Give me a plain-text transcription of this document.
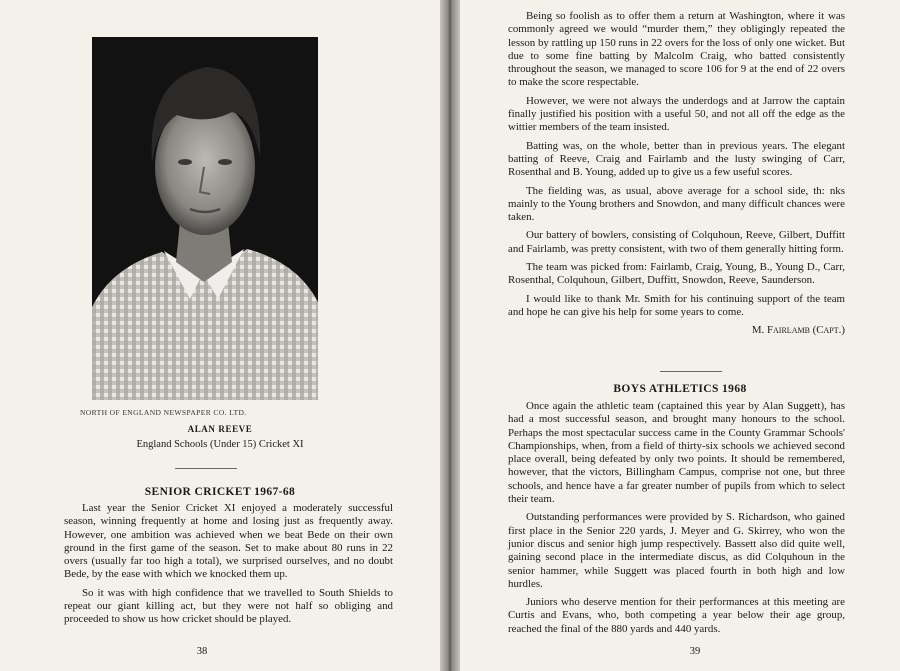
NORTH OF ENGLAND NEWSPAPER CO. LTD.
ALAN REEVE
England Schools (Under 15) Cricket XI
SENIOR CRICKET 1967-68

Last year the Senior Cricket XI enjoyed a moderately successful season, winning frequently at home and losing just as frequently away. However, one ambition was achieved when we beat Bede on their own ground in the first game of the season. Set to make about 80 runs in 22 overs (usually far too high a total), we surprised ourselves, and no doubt Bede, by the ease with which we knocked them up.

So it was with high confidence that we travelled to South Shields to repeat our giant killing act, but they were not half so obliging and proceeded to show us how cricket should be played.

38

Being so foolish as to offer them a return at Washington, where it was commonly agreed we would “murder them,” they obligingly repeated the lesson by rattling up 150 runs in 22 overs for the loss of only one wicket. But due to some fine batting by Malcolm Craig, who batted consistently throughout the season, we managed to score 106 for 9 at the end of 22 overs to make the score respectable.

However, we were not always the underdogs and at Jarrow the captain finally justified his position with a useful 50, and not all off the edge as the wittier members of the team insisted.

Batting was, on the whole, better than in previous years. The elegant batting of Reeve, Craig and Fairlamb and the lusty swinging of Carr, Rosenthal and B. Young, added up to give us a few useful scores.

The fielding was, as usual, above average for a school side, th: nks mainly to the Young brothers and Snowdon, and many difficult chances were taken.

Our battery of bowlers, consisting of Colquhoun, Reeve, Gilbert, Duffitt and Fairlamb, was pretty consistent, with two of them generally hitting form.

The team was picked from: Fairlamb, Craig, Young, B., Young D., Carr, Rosenthal, Colquhoun, Gilbert, Duffitt, Snowdon, Reeve, Saunderson.

I would like to thank Mr. Smith for his continuing support of the team and hope he can give his help for some years to come.

M. Fairlamb (Capt.)

BOYS ATHLETICS 1968

Once again the athletic team (captained this year by Alan Suggett), has had a most successful season, and brought many honours to the school. Perhaps the most spectacular success came in the County Grammar Schools' Championships, when, from a field of thirty-six schools we achieved second place overall, being defeated by only two points. It should be remembered, however, that the victors, Billingham Campus, comprise not one, but three schools, and hence have a far greater number of pupils from which to select their team.

Outstanding performances were provided by S. Richardson, who gained first place in the Senior 220 yards, J. Meyer and G. Skirrey, who won the junior discus and senior high jump respectively. Bassett also did quite well, gaining second place in the intermediate discus, as did Colquhoun in the senior hammer, while Suggett was placed fourth in both high and low hurdles.

Juniors who deserve mention for their performances at this meeting are Curtis and Evans, who, both competing a year below their age group, reached the final of the 880 yards and 440 yards.

39
